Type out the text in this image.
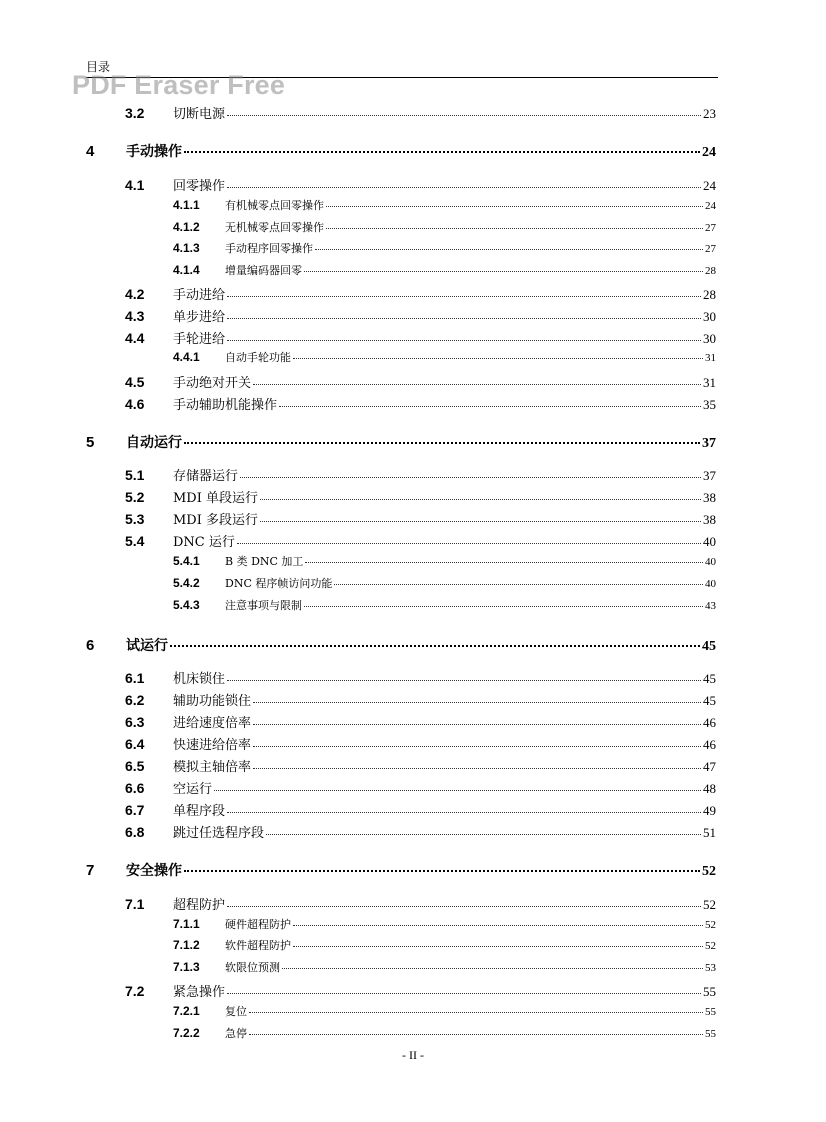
目录
PDF Eraser Free
3.2	切断电源	23
4	手动操作	24
4.1	回零操作	24
4.1.1	有机械零点回零操作	24
4.1.2	无机械零点回零操作	27
4.1.3	手动程序回零操作	27
4.1.4	增量编码器回零	28
4.2	手动进给	28
4.3	单步进给	30
4.4	手轮进给	30
4.4.1	自动手轮功能	31
4.5	手动绝对开关	31
4.6	手动辅助机能操作	35
5	自动运行	37
5.1	存储器运行	37
5.2	MDI 单段运行	38
5.3	MDI 多段运行	38
5.4	DNC 运行	40
5.4.1	B 类 DNC 加工	40
5.4.2	DNC 程序帧访问功能	40
5.4.3	注意事项与限制	43
6	试运行	45
6.1	机床锁住	45
6.2	辅助功能锁住	45
6.3	进给速度倍率	46
6.4	快速进给倍率	46
6.5	模拟主轴倍率	47
6.6	空运行	48
6.7	单程序段	49
6.8	跳过任选程序段	51
7	安全操作	52
7.1	超程防护	52
7.1.1	硬件超程防护	52
7.1.2	软件超程防护	52
7.1.3	软限位预测	53
7.2	紧急操作	55
7.2.1	复位	55
7.2.2	急停	55
- II -
